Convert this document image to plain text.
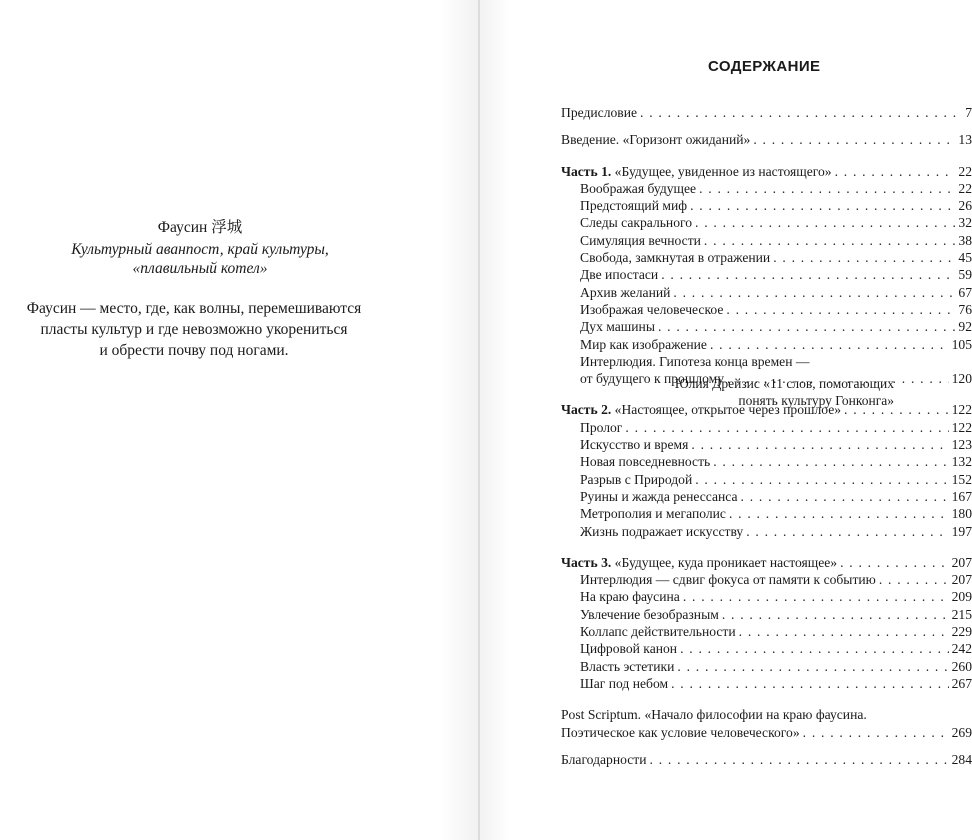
Фаусин 浮城
Культурный аванпост, край культуры,
«плавильный котел»
Фаусин — место, где, как волны, перемешиваются
пласты культур и где невозможно укорениться
и обрести почву под ногами.
Юлия Дрейзис «11 слов, помогающих
понять культуру Гонконга»
СОДЕРЖАНИЕ
Предисловие . . .	7
Введение. «Горизонт ожиданий» . . .	13
Часть 1. «Будущее, увиденное из настоящего» . . .	22
Воображая будущее . . .	22
Предстоящий миф . . .	26
Следы сакрального . . .	32
Симуляция вечности . . .	38
Свобода, замкнутая в отражении . . .	45
Две ипостаси . . .	59
Архив желаний . . .	67
Изображая человеческое . . .	76
Дух машины . . .	92
Мир как изображение . . .	105
Интерлюдия. Гипотеза конца времен —
от будущего к прошлому . . .	120
Часть 2. «Настоящее, открытое через прошлое» . . .	122
Пролог . . .	122
Искусство и время . . .	123
Новая повседневность . . .	132
Разрыв с Природой . . .	152
Руины и жажда ренессанса . . .	167
Метрополия и мегаполис . . .	180
Жизнь подражает искусству . . .	197
Часть 3. «Будущее, куда проникает настоящее» . . .	207
Интерлюдия — сдвиг фокуса от памяти к событию . . .	207
На краю фаусина . . .	209
Увлечение безобразным . . .	215
Коллапс действительности . . .	229
Цифровой канон . . .	242
Власть эстетики . . .	260
Шаг под небом . . .	267
Post Scriptum. «Начало философии на краю фаусина.
Поэтическое как условие человеческого» . . .	269
Благодарности . . .	284
